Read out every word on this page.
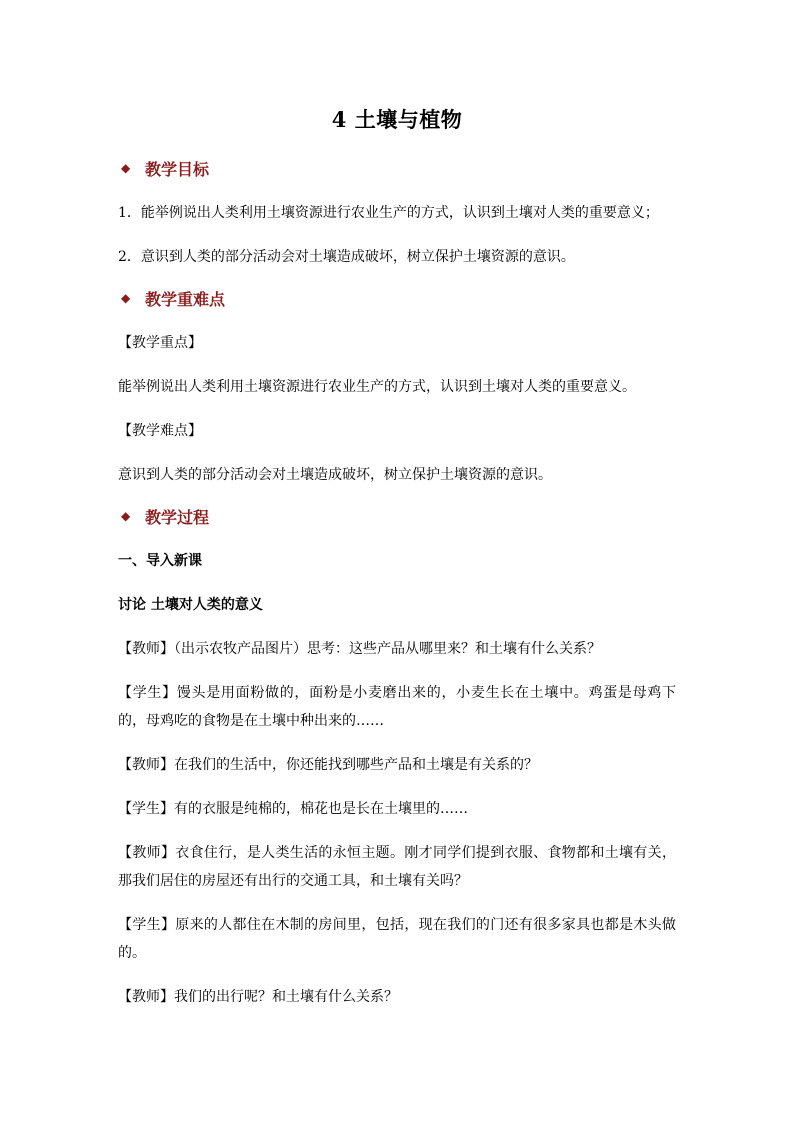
4 土壤与植物
◆ 教学目标

1．能举例说出人类利用土壤资源进行农业生产的方式，认识到土壤对人类的重要意义；

2．意识到人类的部分活动会对土壤造成破坏，树立保护土壤资源的意识。

◆ 教学重难点

【教学重点】

能举例说出人类利用土壤资源进行农业生产的方式，认识到土壤对人类的重要意义。

【教学难点】

意识到人类的部分活动会对土壤造成破坏，树立保护土壤资源的意识。

◆ 教学过程

一、导入新课

讨论 土壤对人类的意义

【教师】（出示农牧产品图片）思考：这些产品从哪里来？和土壤有什么关系？

【学生】馒头是用面粉做的，面粉是小麦磨出来的，小麦生长在土壤中。鸡蛋是母鸡下的，母鸡吃的食物是在土壤中种出来的……

【教师】在我们的生活中，你还能找到哪些产品和土壤是有关系的？

【学生】有的衣服是纯棉的，棉花也是长在土壤里的……

【教师】衣食住行，是人类生活的永恒主题。刚才同学们提到衣服、食物都和土壤有关，那我们居住的房屋还有出行的交通工具，和土壤有关吗？

【学生】原来的人都住在木制的房间里，包括，现在我们的门还有很多家具也都是木头做的。

【教师】我们的出行呢？和土壤有什么关系？
